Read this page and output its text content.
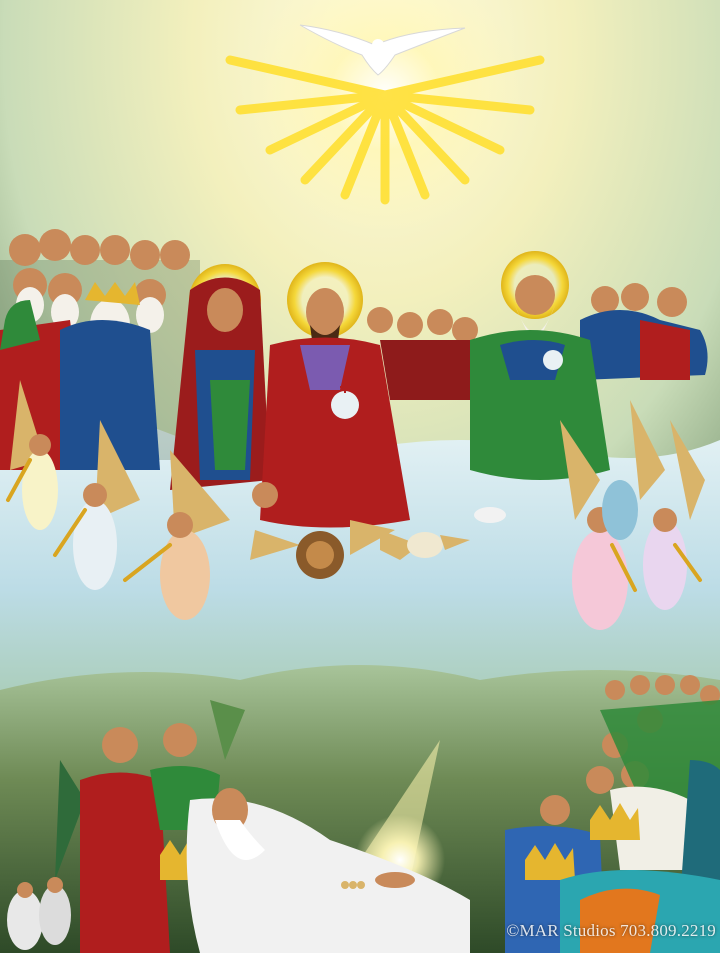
©MAR Studios 703.809.2219
